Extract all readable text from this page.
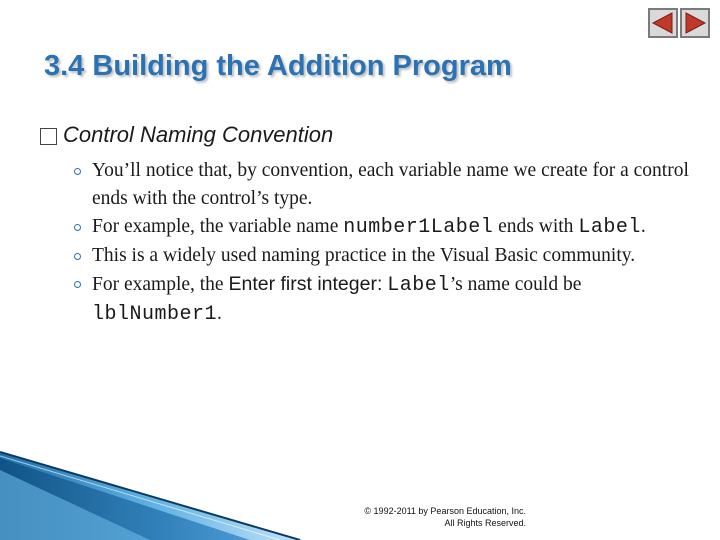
3.4 Building the Addition Program
Control Naming Convention
You’ll notice that, by convention, each variable name we create for a control ends with the control’s type.
For example, the variable name number1Label ends with Label.
This is a widely used naming practice in the Visual Basic community.
For example, the Enter first integer: Label’s name could be lblNumber1.
© 1992-2011 by Pearson Education, Inc.
All Rights Reserved.
